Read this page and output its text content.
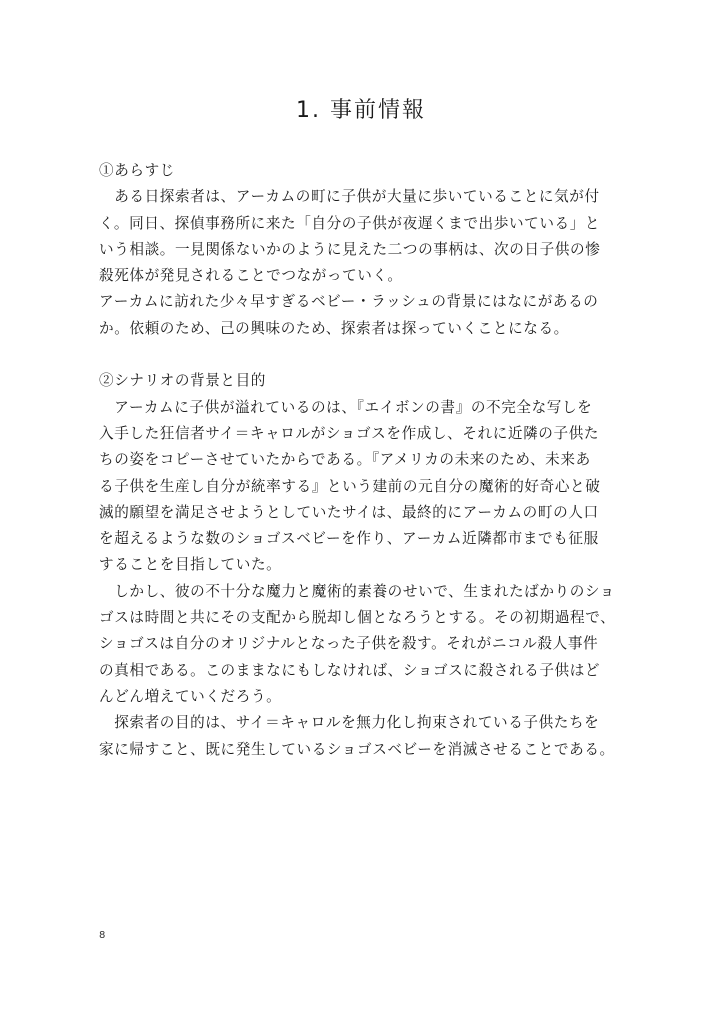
1. 事前情報
①あらすじ
　ある日探索者は、アーカムの町に子供が大量に歩いていることに気が付
く。同日、探偵事務所に来た「自分の子供が夜遅くまで出歩いている」と
いう相談。一見関係ないかのように見えた二つの事柄は、次の日子供の惨
殺死体が発見されることでつながっていく。
アーカムに訪れた少々早すぎるベビー・ラッシュの背景にはなにがあるの
か。依頼のため、己の興味のため、探索者は探っていくことになる。
②シナリオの背景と目的
　アーカムに子供が溢れているのは、『エイボンの書』の不完全な写しを
入手した狂信者サイ＝キャロルがショゴスを作成し、それに近隣の子供た
ちの姿をコピーさせていたからである。『アメリカの未来のため、未来あ
る子供を生産し自分が統率する』という建前の元自分の魔術的好奇心と破
滅的願望を満足させようとしていたサイは、最終的にアーカムの町の人口
を超えるような数のショゴスベビーを作り、アーカム近隣都市までも征服
することを目指していた。
　しかし、彼の不十分な魔力と魔術的素養のせいで、生まれたばかりのショ
ゴスは時間と共にその支配から脱却し個となろうとする。その初期過程で、
ショゴスは自分のオリジナルとなった子供を殺す。それがニコル殺人事件
の真相である。このままなにもしなければ、ショゴスに殺される子供はど
んどん増えていくだろう。
　探索者の目的は、サイ＝キャロルを無力化し拘束されている子供たちを
家に帰すこと、既に発生しているショゴスベビーを消滅させることである。
8
